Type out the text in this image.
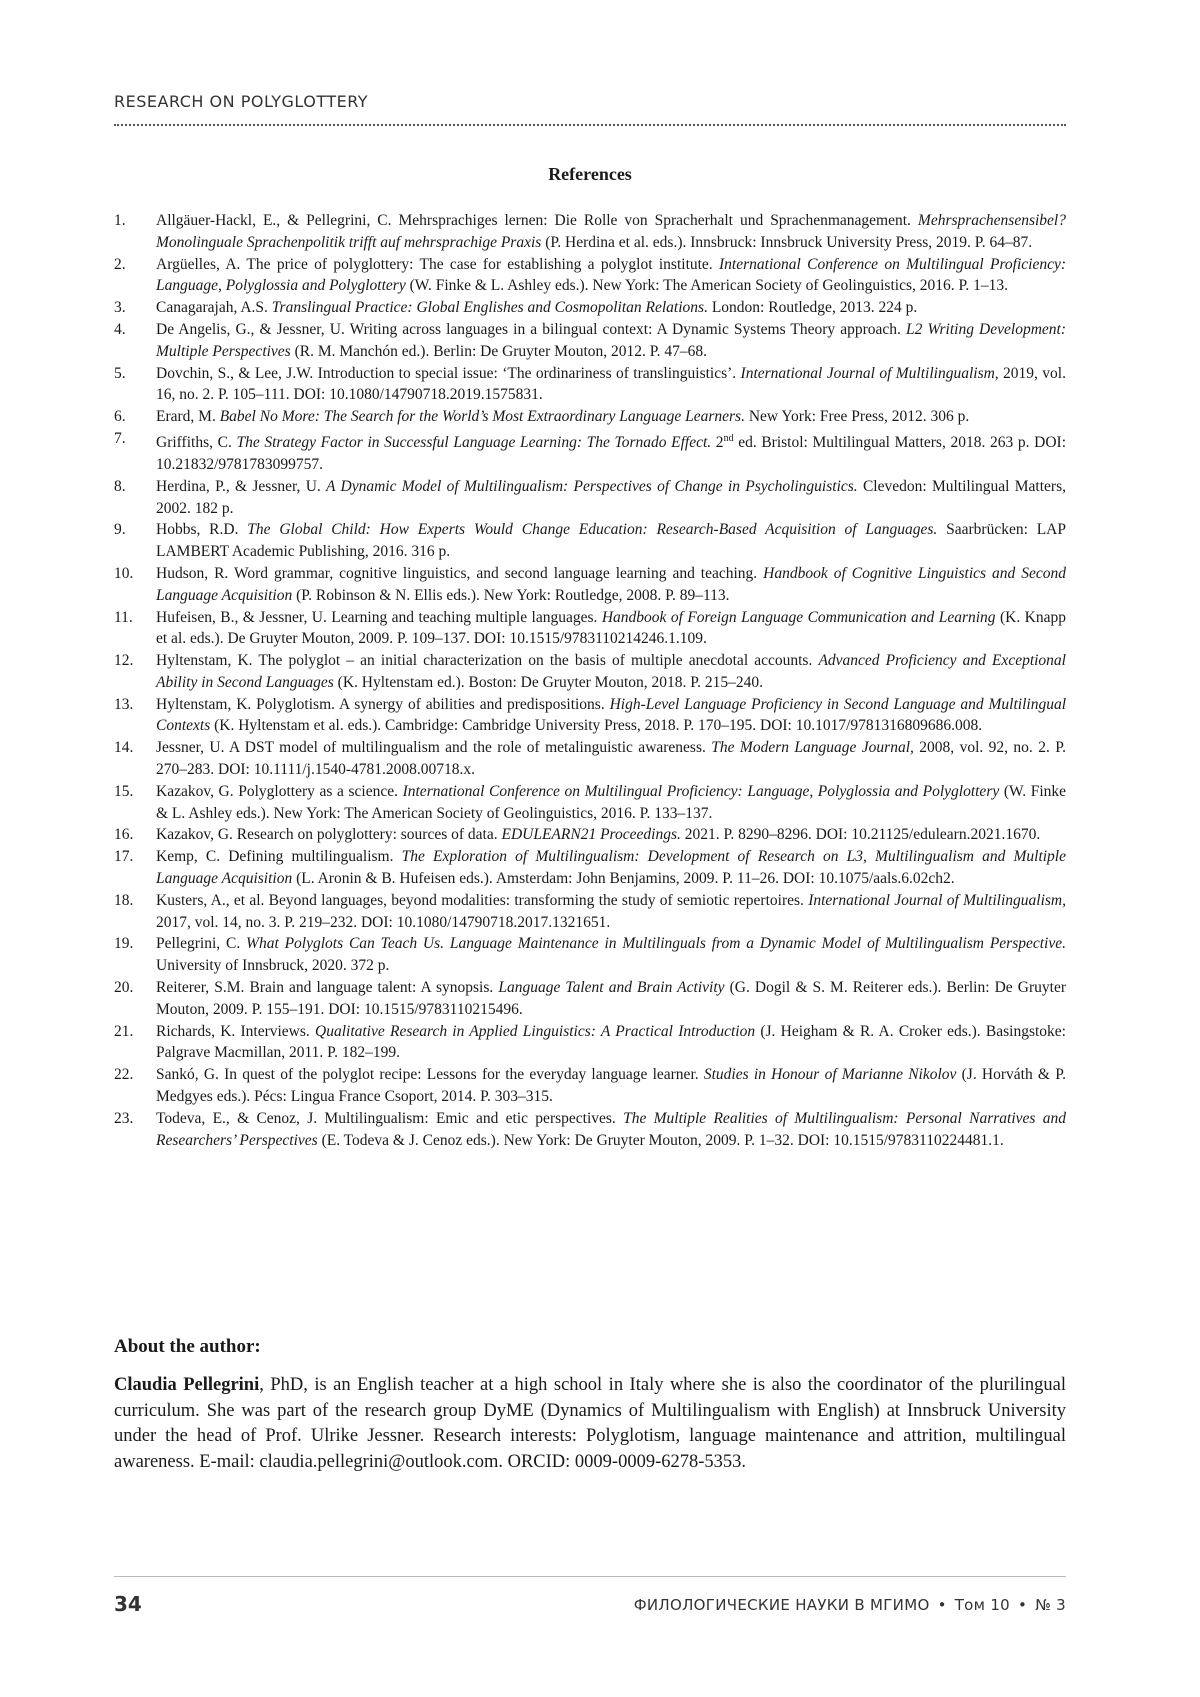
RESEARCH ON POLYGLOTTERY
References
1. Allgäuer-Hackl, E., & Pellegrini, C. Mehrsprachiges lernen: Die Rolle von Spracherhalt und Sprachenmanagement. Mehrsprachensensibel? Monolinguale Sprachenpolitik trifft auf mehrsprachige Praxis (P. Herdina et al. eds.). Innsbruck: Innsbruck University Press, 2019. P. 64–87.
2. Argüelles, A. The price of polyglottery: The case for establishing a polyglot institute. International Conference on Multilingual Proficiency: Language, Polyglossia and Polyglottery (W. Finke & L. Ashley eds.). New York: The American Society of Geolinguistics, 2016. P. 1–13.
3. Canagarajah, A.S. Translingual Practice: Global Englishes and Cosmopolitan Relations. London: Routledge, 2013. 224 p.
4. De Angelis, G., & Jessner, U. Writing across languages in a bilingual context: A Dynamic Systems Theory approach. L2 Writing Development: Multiple Perspectives (R. M. Manchón ed.). Berlin: De Gruyter Mouton, 2012. P. 47–68.
5. Dovchin, S., & Lee, J.W. Introduction to special issue: ‘The ordinariness of translinguistics’. International Journal of Multilingualism, 2019, vol. 16, no. 2. P. 105–111. DOI: 10.1080/14790718.2019.1575831.
6. Erard, M. Babel No More: The Search for the World’s Most Extraordinary Language Learners. New York: Free Press, 2012. 306 p.
7. Griffiths, C. The Strategy Factor in Successful Language Learning: The Tornado Effect. 2nd ed. Bristol: Multilingual Matters, 2018. 263 p. DOI: 10.21832/9781783099757.
8. Herdina, P., & Jessner, U. A Dynamic Model of Multilingualism: Perspectives of Change in Psycholinguistics. Clevedon: Multilingual Matters, 2002. 182 p.
9. Hobbs, R.D. The Global Child: How Experts Would Change Education: Research-Based Acquisition of Languages. Saarbrücken: LAP LAMBERT Academic Publishing, 2016. 316 p.
10. Hudson, R. Word grammar, cognitive linguistics, and second language learning and teaching. Handbook of Cognitive Linguistics and Second Language Acquisition (P. Robinson & N. Ellis eds.). New York: Routledge, 2008. P. 89–113.
11. Hufeisen, B., & Jessner, U. Learning and teaching multiple languages. Handbook of Foreign Language Communication and Learning (K. Knapp et al. eds.). De Gruyter Mouton, 2009. P. 109–137. DOI: 10.1515/9783110214246.1.109.
12. Hyltenstam, K. The polyglot – an initial characterization on the basis of multiple anecdotal accounts. Advanced Proficiency and Exceptional Ability in Second Languages (K. Hyltenstam ed.). Boston: De Gruyter Mouton, 2018. P. 215–240.
13. Hyltenstam, K. Polyglotism. A synergy of abilities and predispositions. High-Level Language Proficiency in Second Language and Multilingual Contexts (K. Hyltenstam et al. eds.). Cambridge: Cambridge University Press, 2018. P. 170–195. DOI: 10.1017/9781316809686.008.
14. Jessner, U. A DST model of multilingualism and the role of metalinguistic awareness. The Modern Language Journal, 2008, vol. 92, no. 2. P. 270–283. DOI: 10.1111/j.1540-4781.2008.00718.x.
15. Kazakov, G. Polyglottery as a science. International Conference on Multilingual Proficiency: Language, Polyglossia and Polyglottery (W. Finke & L. Ashley eds.). New York: The American Society of Geolinguistics, 2016. P. 133–137.
16. Kazakov, G. Research on polyglottery: sources of data. EDULEARN21 Proceedings. 2021. P. 8290–8296. DOI: 10.21125/edulearn.2021.1670.
17. Kemp, C. Defining multilingualism. The Exploration of Multilingualism: Development of Research on L3, Multilingualism and Multiple Language Acquisition (L. Aronin & B. Hufeisen eds.). Amsterdam: John Benjamins, 2009. P. 11–26. DOI: 10.1075/aals.6.02ch2.
18. Kusters, A., et al. Beyond languages, beyond modalities: transforming the study of semiotic repertoires. International Journal of Multilingualism, 2017, vol. 14, no. 3. P. 219–232. DOI: 10.1080/14790718.2017.1321651.
19. Pellegrini, C. What Polyglots Can Teach Us. Language Maintenance in Multilinguals from a Dynamic Model of Multilingualism Perspective. University of Innsbruck, 2020. 372 p.
20. Reiterer, S.M. Brain and language talent: A synopsis. Language Talent and Brain Activity (G. Dogil & S. M. Reiterer eds.). Berlin: De Gruyter Mouton, 2009. P. 155–191. DOI: 10.1515/9783110215496.
21. Richards, K. Interviews. Qualitative Research in Applied Linguistics: A Practical Introduction (J. Heigham & R. A. Croker eds.). Basingstoke: Palgrave Macmillan, 2011. P. 182–199.
22. Sankó, G. In quest of the polyglot recipe: Lessons for the everyday language learner. Studies in Honour of Marianne Nikolov (J. Horváth & P. Medgyes eds.). Pécs: Lingua France Csoport, 2014. P. 303–315.
23. Todeva, E., & Cenoz, J. Multilingualism: Emic and etic perspectives. The Multiple Realities of Multilingualism: Personal Narratives and Researchers’ Perspectives (E. Todeva & J. Cenoz eds.). New York: De Gruyter Mouton, 2009. P. 1–32. DOI: 10.1515/9783110224481.1.
About the author:

Claudia Pellegrini, PhD, is an English teacher at a high school in Italy where she is also the coordinator of the plurilingual curriculum. She was part of the research group DyME (Dynamics of Multilingualism with English) at Innsbruck University under the head of Prof. Ulrike Jessner. Research interests: Polyglotism, language maintenance and attrition, multilingual awareness. E-mail: claudia.pellegrini@outlook.com. ORCID: 0009-0009-6278-5353.

34	ФИЛОЛОГИЧЕСКИЕ НАУКИ В МГИМО • Том 10 • № 3
